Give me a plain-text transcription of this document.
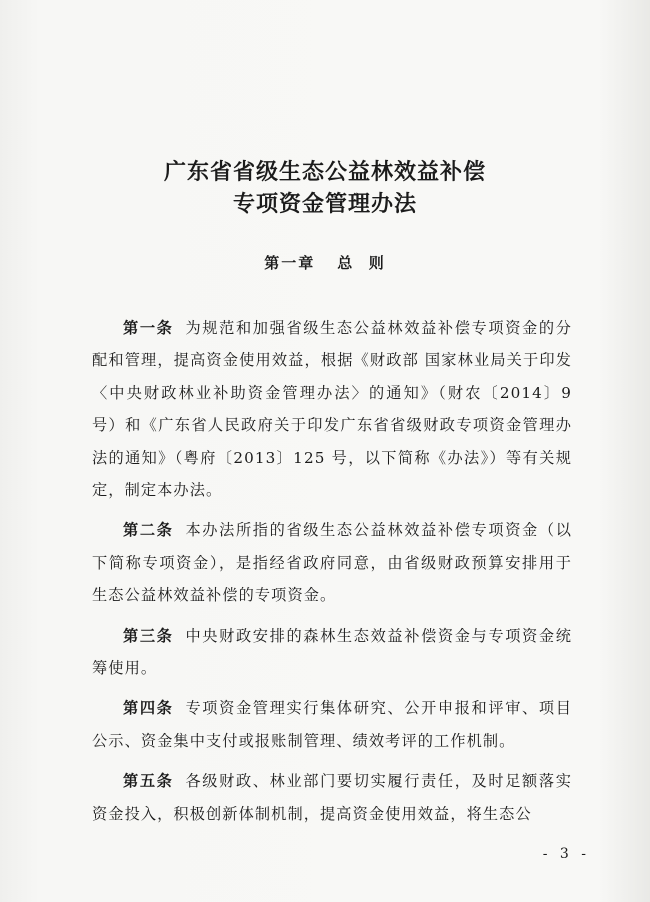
广东省省级生态公益林效益补偿
专项资金管理办法
第一章 总  则

第一条 为规范和加强省级生态公益林效益补偿专项资金的分配和管理，提高资金使用效益，根据《财政部 国家林业局关于印发〈中央财政林业补助资金管理办法〉的通知》（财农〔2014〕9 号）和《广东省人民政府关于印发广东省省级财政专项资金管理办法的通知》（粤府〔2013〕125 号，以下简称《办法》）等有关规定，制定本办法。

第二条 本办法所指的省级生态公益林效益补偿专项资金（以下简称专项资金），是指经省政府同意，由省级财政预算安排用于生态公益林效益补偿的专项资金。

第三条 中央财政安排的森林生态效益补偿资金与专项资金统筹使用。

第四条 专项资金管理实行集体研究、公开申报和评审、项目公示、资金集中支付或报账制管理、绩效考评的工作机制。

第五条 各级财政、林业部门要切实履行责任，及时足额落实资金投入，积极创新体制机制，提高资金使用效益，将生态公

- 3 -
